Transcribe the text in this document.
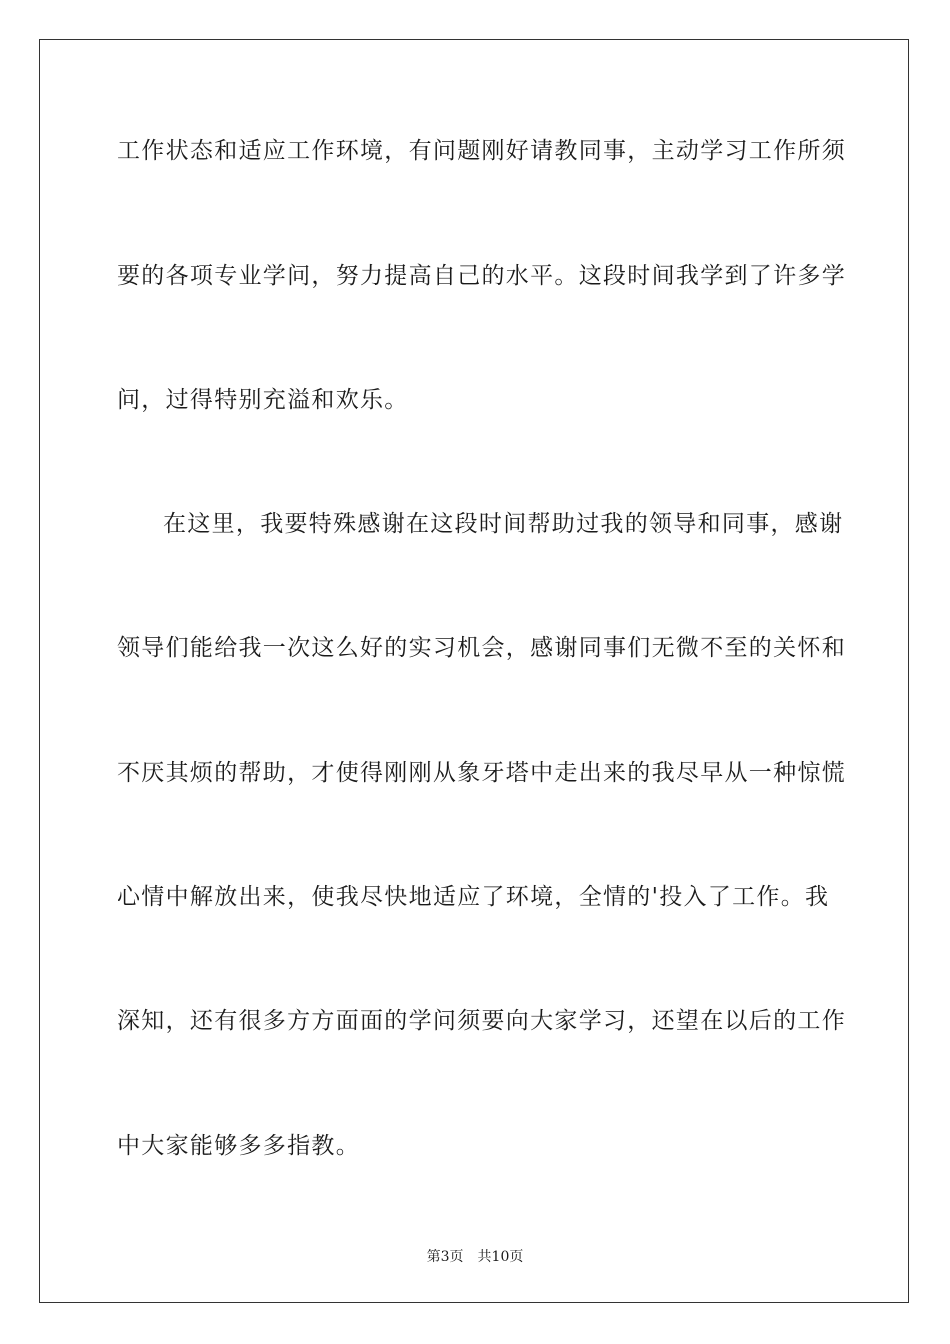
工作状态和适应工作环境，有问题刚好请教同事，主动学习工作所须
要的各项专业学问，努力提高自己的水平。这段时间我学到了许多学
问，过得特别充溢和欢乐。
在这里，我要特殊感谢在这段时间帮助过我的领导和同事，感谢
领导们能给我一次这么好的实习机会，感谢同事们无微不至的关怀和
不厌其烦的帮助，才使得刚刚从象牙塔中走出来的我尽早从一种惊慌
心情中解放出来，使我尽快地适应了环境，全情的'投入了工作。我
深知，还有很多方方面面的学问须要向大家学习，还望在以后的工作
中大家能够多多指教。
第3页 共10页
